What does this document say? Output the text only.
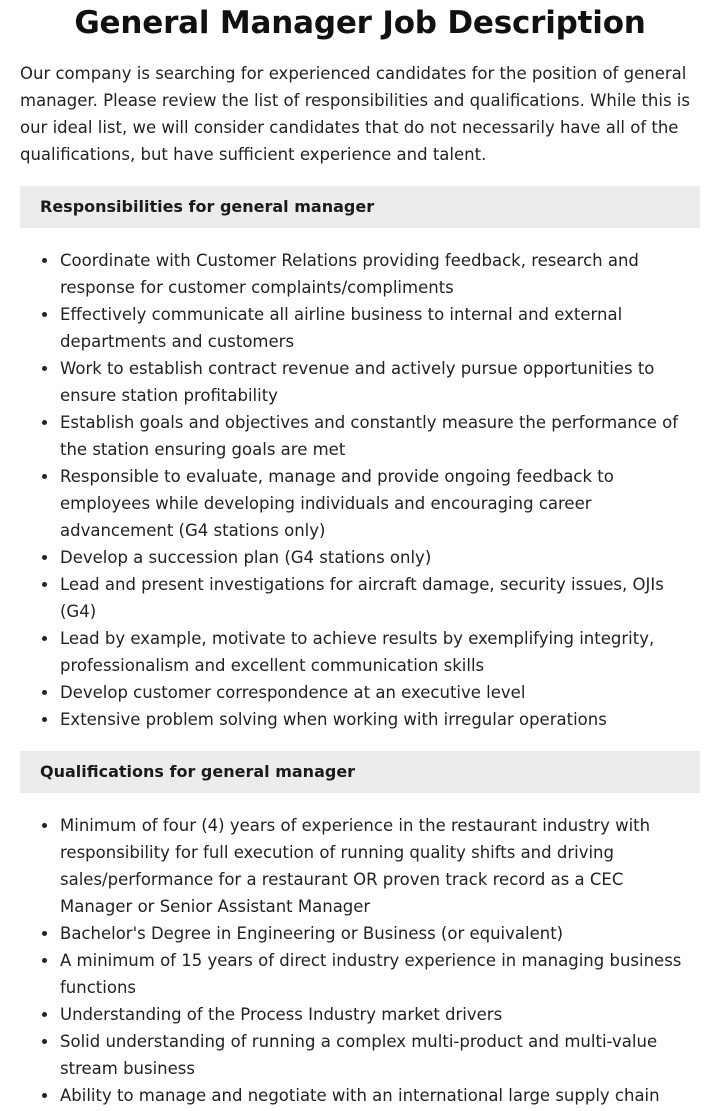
General Manager Job Description

Our company is searching for experienced candidates for the position of general manager. Please review the list of responsibilities and qualifications. While this is our ideal list, we will consider candidates that do not necessarily have all of the qualifications, but have sufficient experience and talent.

Responsibilities for general manager
Coordinate with Customer Relations providing feedback, research and response for customer complaints/compliments
Effectively communicate all airline business to internal and external departments and customers
Work to establish contract revenue and actively pursue opportunities to ensure station profitability
Establish goals and objectives and constantly measure the performance of the station ensuring goals are met
Responsible to evaluate, manage and provide ongoing feedback to employees while developing individuals and encouraging career advancement (G4 stations only)
Develop a succession plan (G4 stations only)
Lead and present investigations for aircraft damage, security issues, OJIs (G4)
Lead by example, motivate to achieve results by exemplifying integrity, professionalism and excellent communication skills
Develop customer correspondence at an executive level
Extensive problem solving when working with irregular operations
Qualifications for general manager
Minimum of four (4) years of experience in the restaurant industry with responsibility for full execution of running quality shifts and driving sales/performance for a restaurant OR proven track record as a CEC Manager or Senior Assistant Manager
Bachelor's Degree in Engineering or Business (or equivalent)
A minimum of 15 years of direct industry experience in managing business functions
Understanding of the Process Industry market drivers
Solid understanding of running a complex multi-product and multi-value stream business
Ability to manage and negotiate with an international large supply chain
